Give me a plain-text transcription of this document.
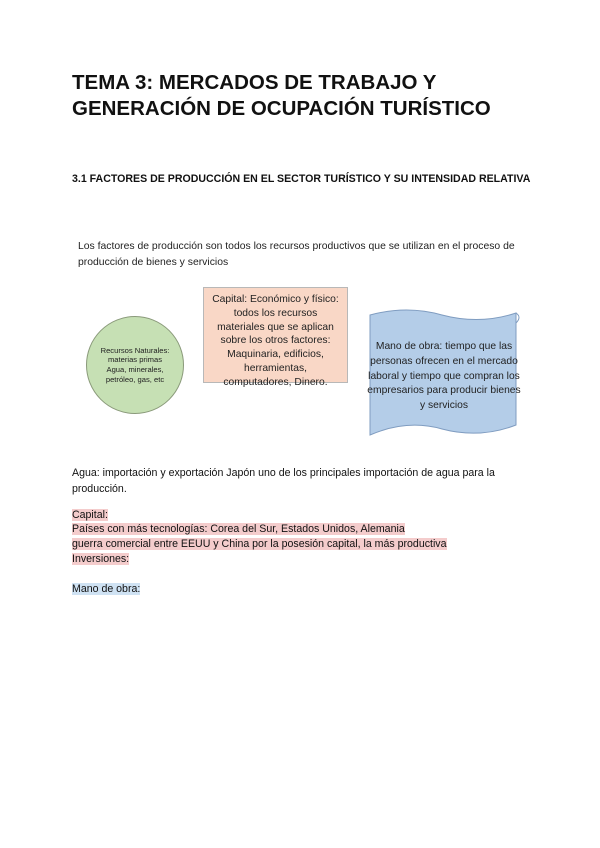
TEMA 3: MERCADOS DE TRABAJO Y
GENERACIÓN DE OCUPACIÓN TURÍSTICO
3.1 FACTORES DE PRODUCCIÓN EN EL SECTOR TURÍSTICO Y SU INTENSIDAD RELATIVA
Los factores de producción son todos los recursos productivos que se utilizan en el proceso de producción de bienes y servicios
Recursos Naturales: materias primas Agua, minerales, petróleo, gas, etc
Capital: Económico y físico: todos los recursos materiales que se aplican sobre los otros factores: Maquinaria, edificios, herramientas, computadores, Dinero.
Mano de obra: tiempo que las personas ofrecen en el mercado laboral y tiempo que compran los empresarios para producir bienes y servicios
Agua: importación y exportación Japón uno de los principales importación de agua para la producción.
Capital:
Países con más tecnologías: Corea del Sur, Estados Unidos, Alemania
guerra comercial entre EEUU y China por la posesión capital, la más productiva
Inversiones:
Mano de obra:
